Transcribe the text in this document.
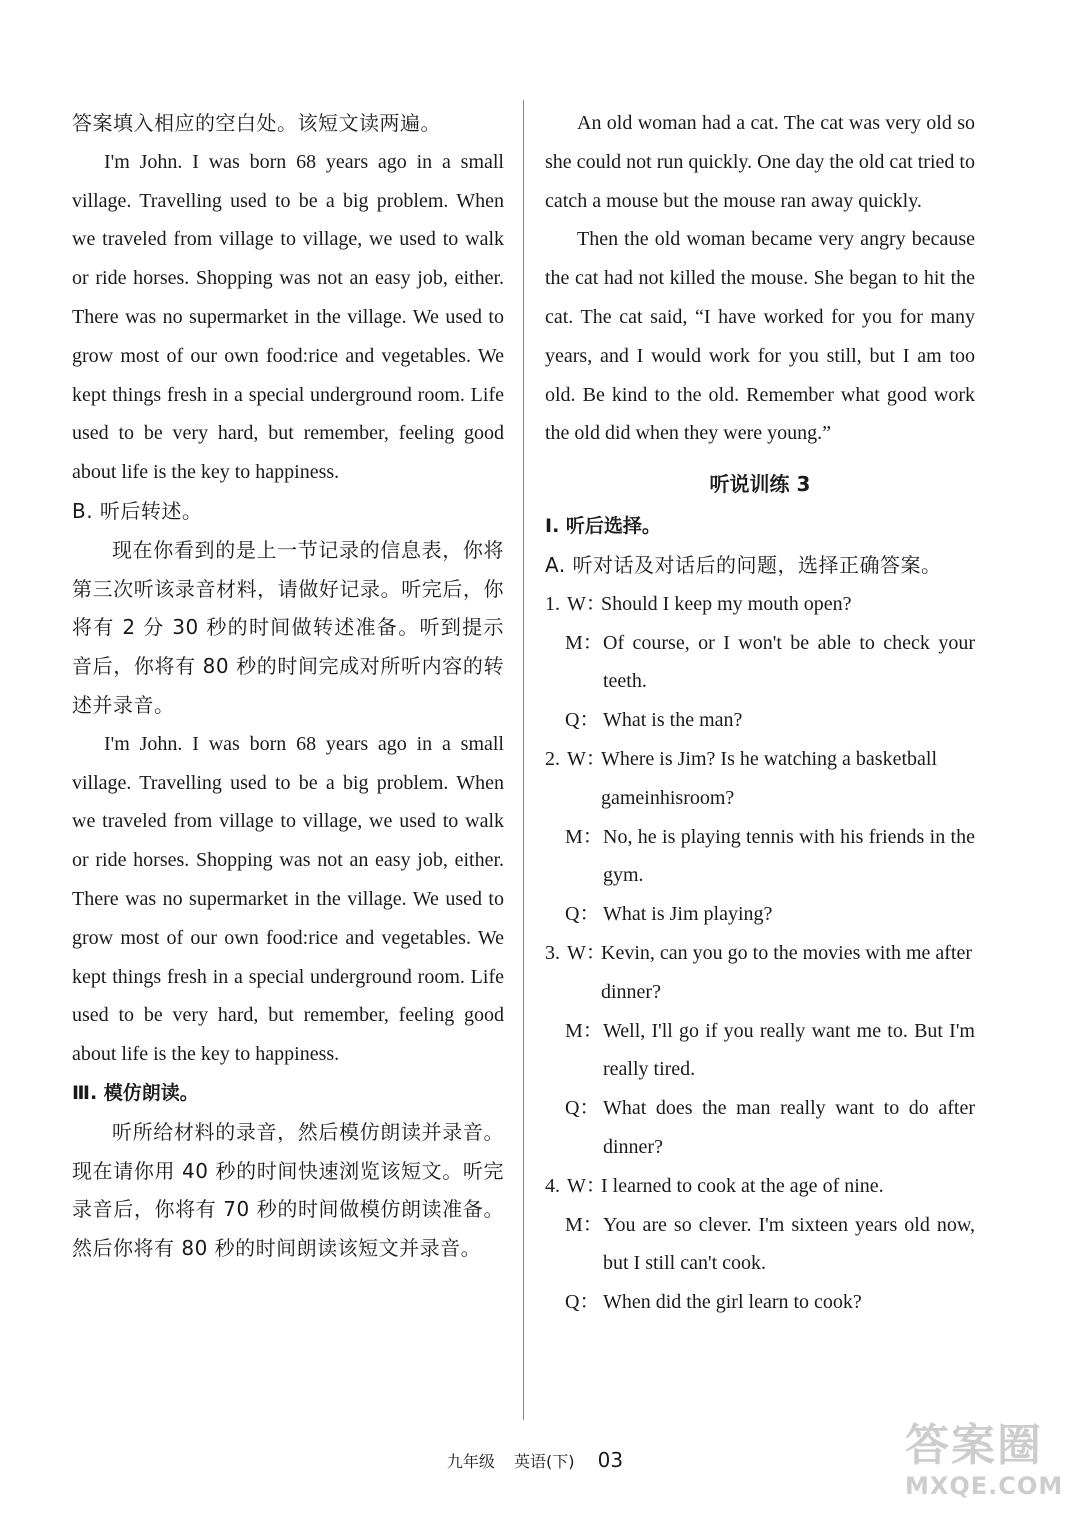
答案填入相应的空白处。该短文读两遍。

I'm John. I was born 68 years ago in a small village. Travelling used to be a big problem. When we traveled from village to village, we used to walk or ride horses. Shopping was not an easy job, either. There was no supermarket in the village. We used to grow most of our own food:rice and vegetables. We kept things fresh in a special underground room. Life used to be very hard, but remember, feeling good about life is the key to happiness.

B. 听后转述。

现在你看到的是上一节记录的信息表，你将第三次听该录音材料，请做好记录。听完后，你将有 2 分 30 秒的时间做转述准备。听到提示音后，你将有 80 秒的时间完成对所听内容的转述并录音。

I'm John. I was born 68 years ago in a small village. Travelling used to be a big problem. When we traveled from village to village, we used to walk or ride horses. Shopping was not an easy job, either. There was no supermarket in the village. We used to grow most of our own food:rice and vegetables. We kept things fresh in a special underground room. Life used to be very hard, but remember, feeling good about life is the key to happiness.

Ⅲ. 模仿朗读。

听所给材料的录音，然后模仿朗读并录音。现在请你用 40 秒的时间快速浏览该短文。听完录音后，你将有 70 秒的时间做模仿朗读准备。然后你将有 80 秒的时间朗读该短文并录音。

An old woman had a cat. The cat was very old so she could not run quickly. One day the old cat tried to catch a mouse but the mouse ran away quickly.

Then the old woman became very angry because the cat had not killed the mouse. She began to hit the cat. The cat said, “I have worked for you for many years, and I would work for you still, but I am too old. Be kind to the old. Remember what good work the old did when they were young.”

听说训练 3

Ⅰ. 听后选择。

A. 听对话及对话后的问题，选择正确答案。

1. W：
Should I keep my mouth open?
M： Of course, or I won't be able to check your teeth.
Q： What is the man?
2. W：
Where is Jim? Is he watching a basketball gameinhisroom?
M： No, he is playing tennis with his friends in the gym.
Q： What is Jim playing?
3. W：
Kevin, can you go to the movies with me after dinner?
M： Well, I'll go if you really want me to. But I'm really tired.
Q： What does the man really want to do after dinner?
4. W：
I learned to cook at the age of nine.
M： You are so clever. I'm sixteen years old now, but I still can't cook.
Q： When did the girl learn to cook?
九年级 英语(下) 03	答案圈
MXQE.COM
